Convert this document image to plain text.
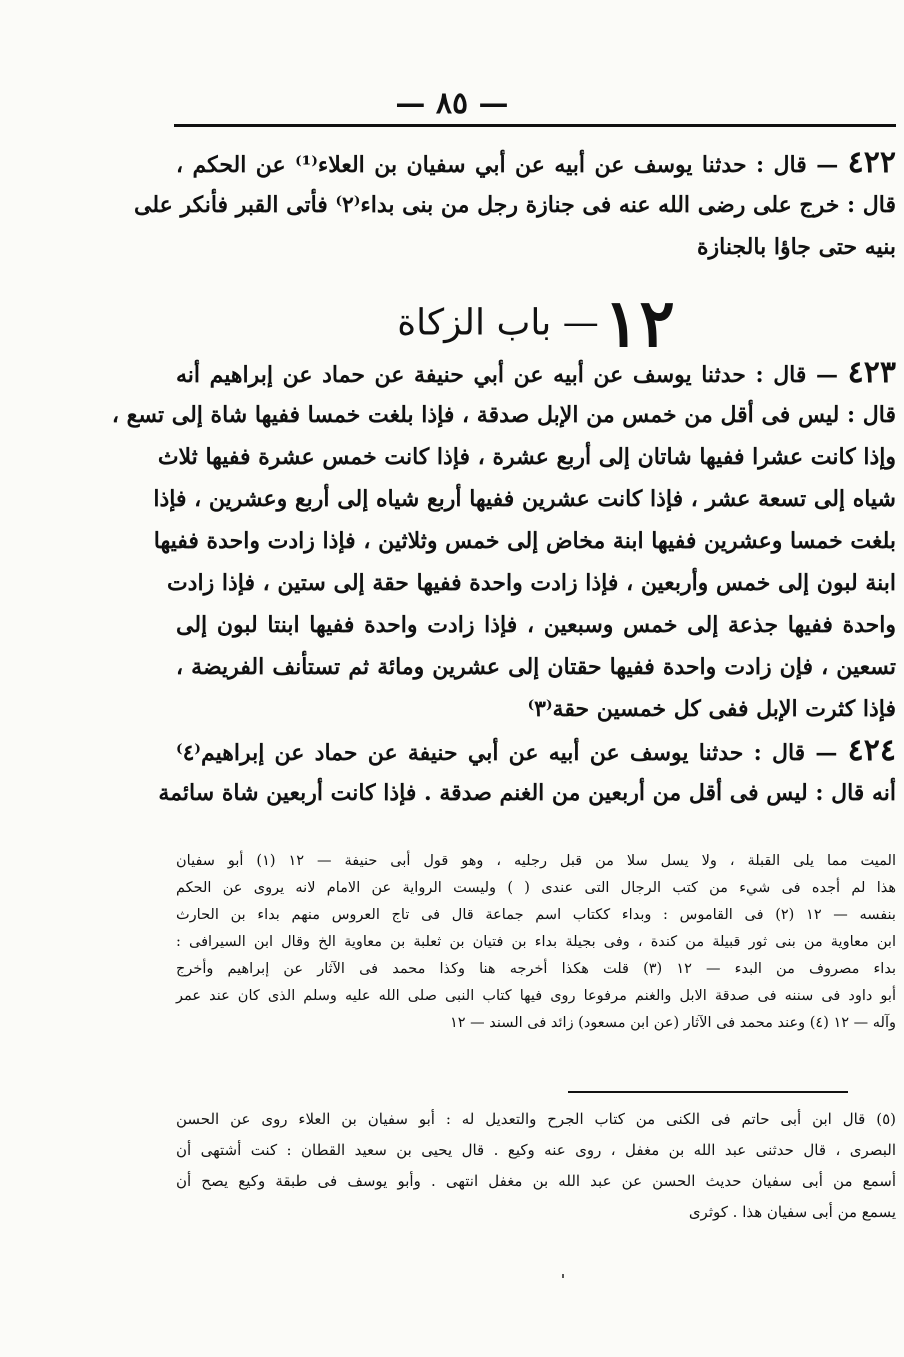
— ٨٥ —
٤٢٢ — قال : حدثنا يوسف عن أبيه عن أبي سفيان بن العلاء⁽¹⁾ عن الحكم ،
قال : خرج على رضى الله عنه فى جنازة رجل من بنى بداء⁽٢⁾ فأتى القبر فأنكر على
بنيه حتى جاؤا بالجنازة
١٢ — باب الزكاة
٤٢٣ — قال : حدثنا يوسف عن أبيه عن أبي حنيفة عن حماد عن إبراهيم أنه
قال : ليس فى أقل من خمس من الإبل صدقة ، فإذا بلغت خمسا ففيها شاة إلى تسع ،
وإذا كانت عشرا ففيها شاتان إلى أربع عشرة ، فإذا كانت خمس عشرة ففيها ثلاث
شياه إلى تسعة عشر ، فإذا كانت عشرين ففيها أربع شياه إلى أربع وعشرين ، فإذا
بلغت خمسا وعشرين ففيها ابنة مخاض إلى خمس وثلاثين ، فإذا زادت واحدة ففيها
ابنة لبون إلى خمس وأربعين ، فإذا زادت واحدة ففيها حقة إلى ستين ، فإذا زادت
واحدة ففيها جذعة إلى خمس وسبعين ، فإذا زادت واحدة ففيها ابنتا لبون إلى
تسعين ، فإن زادت واحدة ففيها حقتان إلى عشرين ومائة ثم تستأنف الفريضة ،
فإذا كثرت الإبل ففى كل خمسين حقة⁽٣⁾
٤٢٤ — قال : حدثنا يوسف عن أبيه عن أبي حنيفة عن حماد عن إبراهيم⁽٤⁾
أنه قال : ليس فى أقل من أربعين من الغنم صدقة . فإذا كانت أربعين شاة سائمة
الميت مما يلى القبلة ، ولا يسل سلا من قبل رجليه ، وهو قول أبى حنيفة — ١٢ (١) أبو سفيان
هذا لم أجده فى شيء من كتب الرجال التى عندى ( ) وليست الرواية عن الامام لانه يروى عن الحكم
بنفسه — ١٢ (٢) فى القاموس : وبداء ككتاب اسم جماعة قال فى تاج العروس منهم بداء بن الحارث
ابن معاوية من بنى ثور قبيلة من كندة ، وفى بجيلة بداء بن فتيان بن ثعلبة بن معاوية الخ وقال ابن السيرافى :
بداء مصروف من البدء — ١٢ (٣) قلت هكذا أخرجه هنا وكذا محمد فى الآثار عن إبراهيم وأخرج
أبو داود فى سننه فى صدقة الابل والغنم مرفوعا روى فيها كتاب النبى صلى الله عليه وسلم الذى كان عند عمر
وآله — ١٢ (٤) وعند محمد فى الآثار (عن ابن مسعود) زائد فى السند — ١٢
(٥) قال ابن أبى حاتم فى الكنى من كتاب الجرح والتعديل له : أبو سفيان بن العلاء روى عن الحسن
البصرى ، قال حدثنى عبد الله بن مغفل ، روى عنه وكيع . قال يحيى بن سعيد القطان : كنت أشتهى أن
أسمع من أبى سفيان حديث الحسن عن عبد الله بن مغفل انتهى . وأبو يوسف فى طبقة وكيع يصح أن
يسمع من أبى سفيان هذا . كوثرى
